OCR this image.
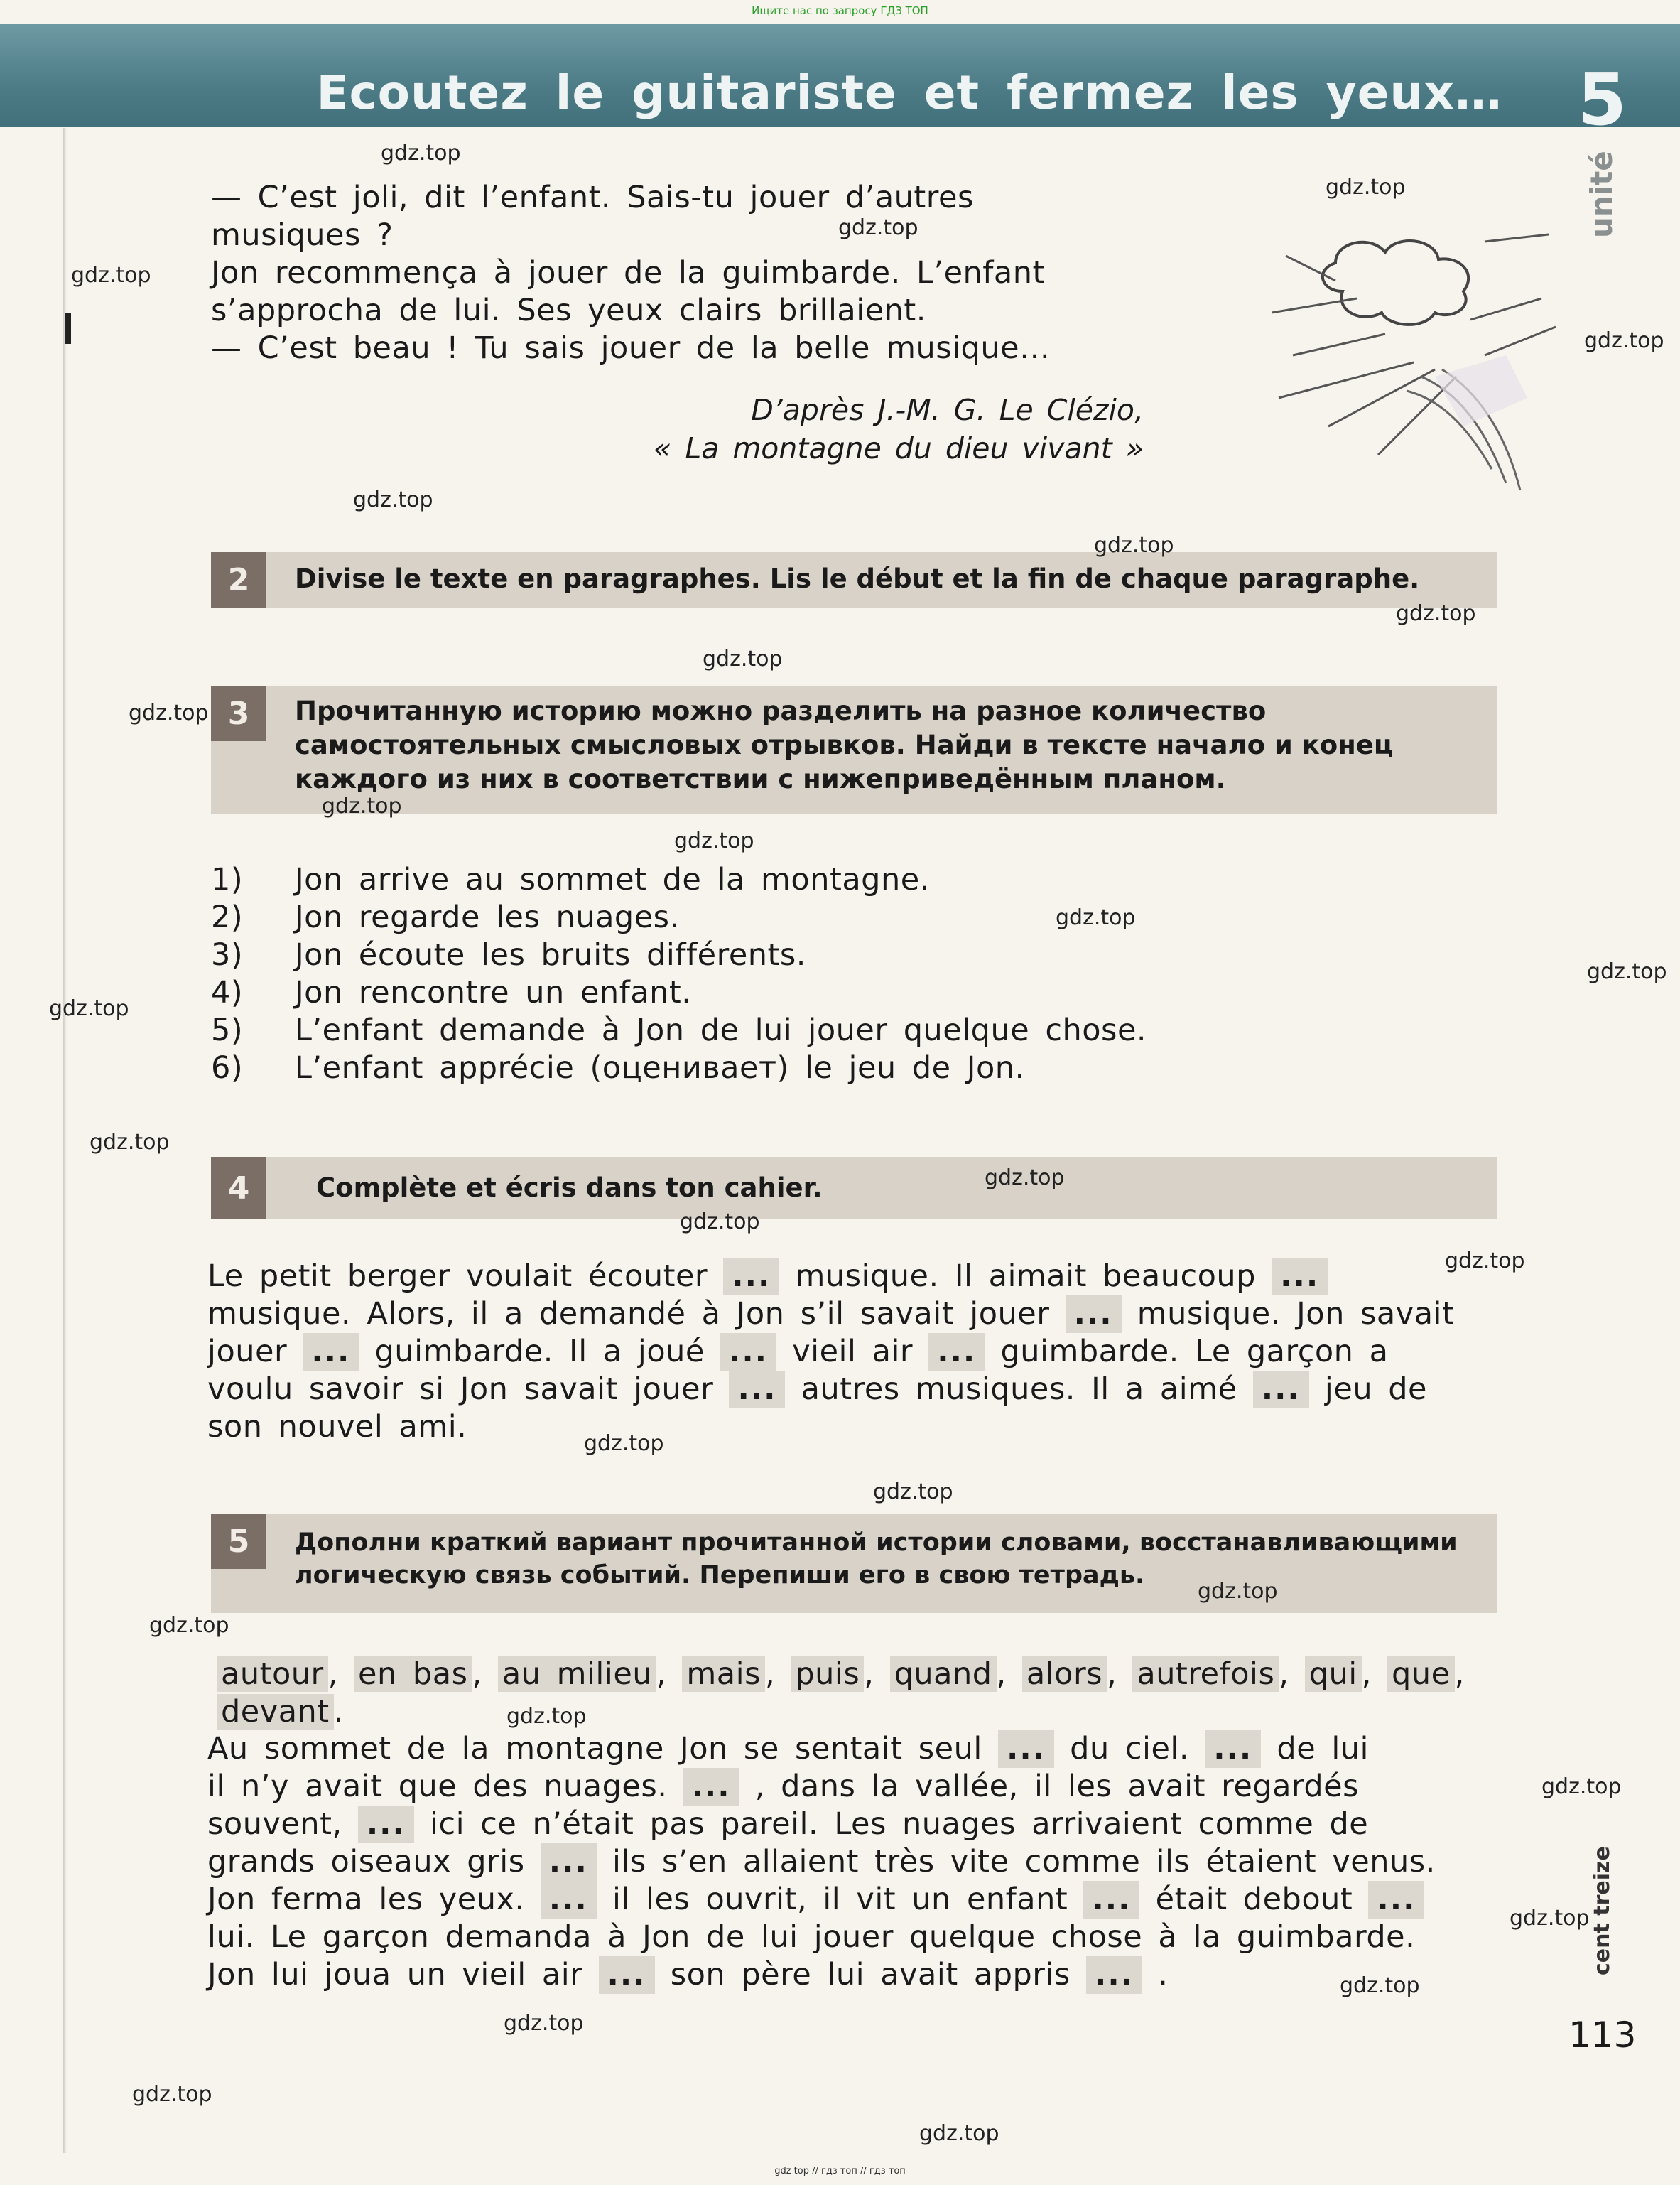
Ищите нас по запросу ГДЗ ТОП
Ecoutez le guitariste et fermez les yeux… 5
unité

— C’est joli, dit l’enfant. Sais-tu jouer d’autres

musiques ?

Jon recommença à jouer de la guimbarde. L’enfant

s’approcha de lui. Ses yeux clairs brillaient.

— C’est beau ! Tu sais jouer de la belle musique…

D’après J.-M. G. Le Clézio,
« La montagne du dieu vivant »
2	Divise le texte en paragraphes. Lis le début et la fin de chaque paragraphe.
3	Прочитанную историю можно разделить на разное количество
самостоятельных смысловых отрывков. Найди в тексте начало и конец
каждого из них в соответствии с нижеприведённым планом.
1)	Jon arrive au sommet de la montagne.
2)	Jon regarde les nuages.
3)	Jon écoute les bruits différents.
4)	Jon rencontre un enfant.
5)	L’enfant demande à Jon de lui jouer quelque chose.
6)	L’enfant apprécie (оценивает) le jeu de Jon.
4	Complète et écris dans ton cahier.
Le petit berger voulait écouter ... musique. Il aimait beaucoup ...
musique. Alors, il a demandé à Jon s’il savait jouer ... musique. Jon savait
jouer ... guimbarde. Il a joué ... vieil air ... guimbarde. Le garçon a
voulu savoir si Jon savait jouer ... autres musiques. Il a aimé ... jeu de
son nouvel ami.
5	Дополни краткий вариант прочитанной истории словами, восстанавливающими
логическую связь событий. Перепиши его в свою тетрадь.
autour , en bas , au milieu , mais , puis , quand , alors , autrefois , qui , que , devant .
Au sommet de la montagne Jon se sentait seul ... du ciel. ... de lui
il n’y avait que des nuages. ... , dans la vallée, il les avait regardés
souvent, ... ici ce n’était pas pareil. Les nuages arrivaient comme de
grands oiseaux gris ... ils s’en allaient très vite comme ils étaient venus.
Jon ferma les yeux. ... il les ouvrit, il vit un enfant ... était debout ...
lui. Le garçon demanda à Jon de lui jouer quelque chose à la guimbarde.
Jon lui joua un vieil air ... son père lui avait appris ... .	cent treize
113
gdz.top
gdz.top
gdz.top
gdz.top
gdz.top
gdz.top
gdz.top
gdz.top
gdz.top
gdz.top
gdz.top
gdz.top
gdz.top
gdz.top
gdz.top
gdz.top
gdz.top
gdz.top
gdz.top
gdz.top
gdz.top
gdz.top
gdz.top
gdz.top
gdz.top
gdz.top
gdz.top
gdz.top
gdz.top
gdz.top
gdz top // гдз топ // гдз топ
